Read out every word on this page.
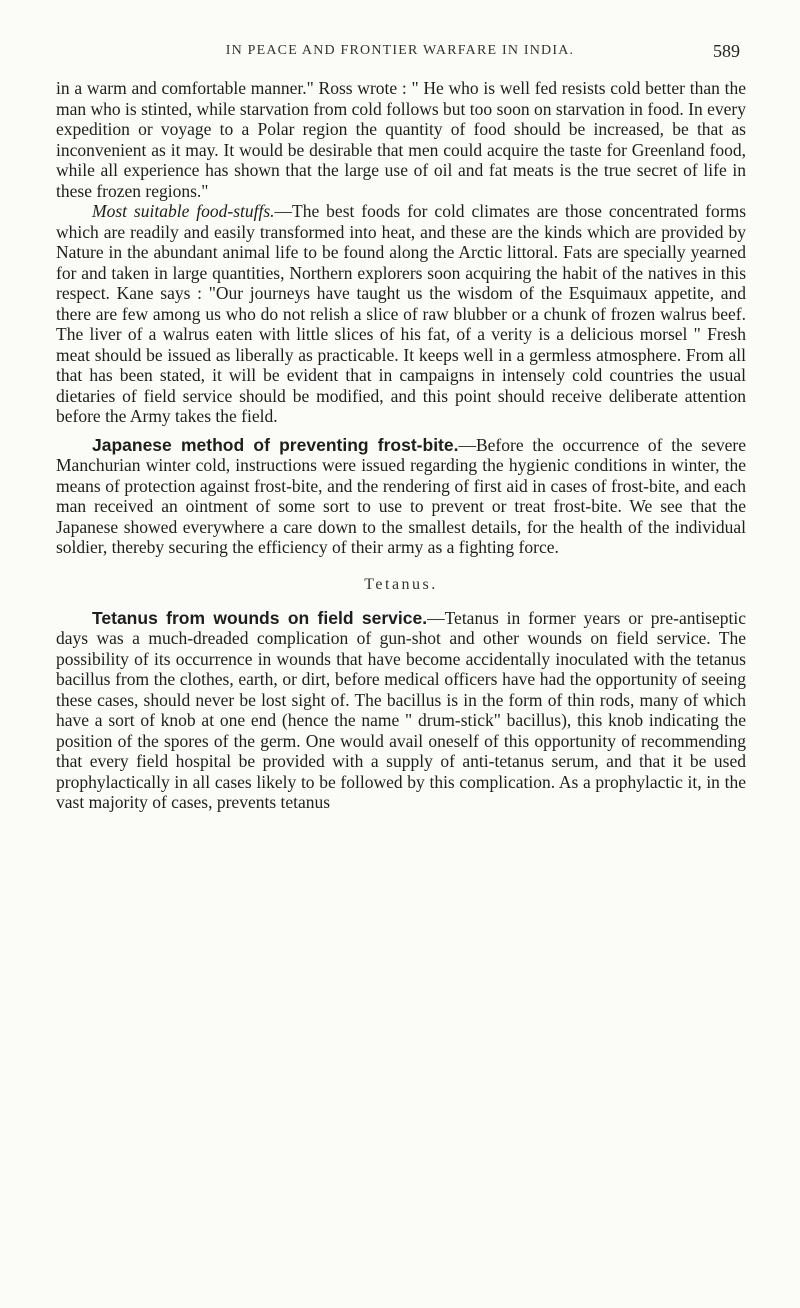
IN PEACE AND FRONTIER WARFARE IN INDIA.	589

in a warm and comfortable manner." Ross wrote : " He who is well fed resists cold better than the man who is stinted, while starvation from cold follows but too soon on starvation in food. In every expedition or voyage to a Polar region the quantity of food should be increased, be that as inconvenient as it may. It would be desirable that men could acquire the taste for Greenland food, while all experience has shown that the large use of oil and fat meats is the true secret of life in these frozen regions."

Most suitable food-stuffs.—The best foods for cold climates are those concentrated forms which are readily and easily transformed into heat, and these are the kinds which are provided by Nature in the abundant animal life to be found along the Arctic littoral. Fats are specially yearned for and taken in large quantities, Northern explorers soon acquiring the habit of the natives in this respect. Kane says : "Our journeys have taught us the wisdom of the Esquimaux appetite, and there are few among us who do not relish a slice of raw blubber or a chunk of frozen walrus beef. The liver of a walrus eaten with little slices of his fat, of a verity is a delicious morsel " Fresh meat should be issued as liberally as practicable. It keeps well in a germless atmosphere. From all that has been stated, it will be evident that in campaigns in intensely cold countries the usual dietaries of field service should be modified, and this point should receive deliberate attention before the Army takes the field.

Japanese method of preventing frost-bite.—Before the occurrence of the severe Manchurian winter cold, instructions were issued regarding the hygienic conditions in winter, the means of protection against frost-bite, and the rendering of first aid in cases of frost-bite, and each man received an ointment of some sort to use to prevent or treat frost-bite. We see that the Japanese showed everywhere a care down to the smallest details, for the health of the individual soldier, thereby securing the efficiency of their army as a fighting force.

Tetanus.

Tetanus from wounds on field service.—Tetanus in former years or pre-antiseptic days was a much-dreaded complication of gun-shot and other wounds on field service. The possibility of its occurrence in wounds that have become accidentally inoculated with the tetanus bacillus from the clothes, earth, or dirt, before medical officers have had the opportunity of seeing these cases, should never be lost sight of. The bacillus is in the form of thin rods, many of which have a sort of knob at one end (hence the name " drum-stick" bacillus), this knob indicating the position of the spores of the germ. One would avail oneself of this opportunity of recommending that every field hospital be provided with a supply of anti-tetanus serum, and that it be used prophylactically in all cases likely to be followed by this complication. As a prophylactic it, in the vast majority of cases, prevents tetanus
